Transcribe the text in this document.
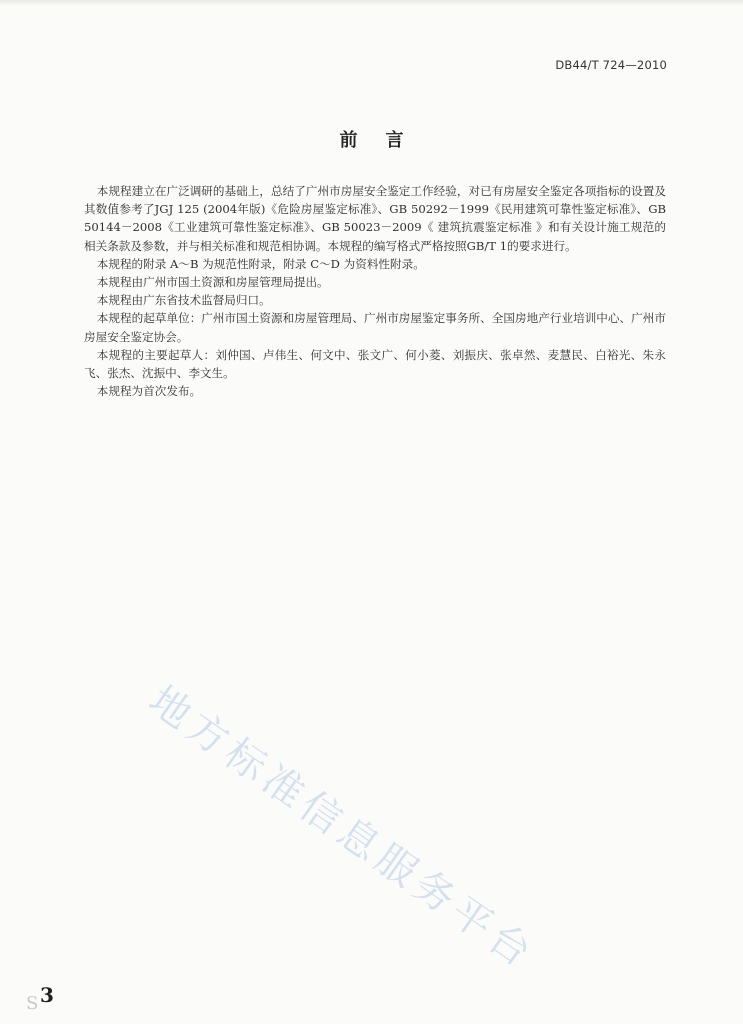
DB44/T 724—2010
前言

本规程建立在广泛调研的基础上，总结了广州市房屋安全鉴定工作经验，对已有房屋安全鉴定各项指标的设置及其数值参考了JGJ 125 (2004年版)《危险房屋鉴定标准》、GB 50292－1999《民用建筑可靠性鉴定标准》、GB 50144－2008《工业建筑可靠性鉴定标准》、GB 50023－2009《 建筑抗震鉴定标准 》和有关设计施工规范的相关条款及参数，并与相关标准和规范相协调。本规程的编写格式严格按照GB/T 1的要求进行。

本规程的附录 A～B 为规范性附录，附录 C～D 为资料性附录。

本规程由广州市国土资源和房屋管理局提出。

本规程由广东省技术监督局归口。

本规程的起草单位：广州市国土资源和房屋管理局、广州市房屋鉴定事务所、全国房地产行业培训中心、广州市房屋安全鉴定协会。

本规程的主要起草人：刘仲国、卢伟生、何文中、张文广、何小菱、刘振庆、张卓然、麦慧民、白裕光、朱永飞、张杰、沈振中、李文生。

本规程为首次发布。

地方标准信息服务平台
S 3
